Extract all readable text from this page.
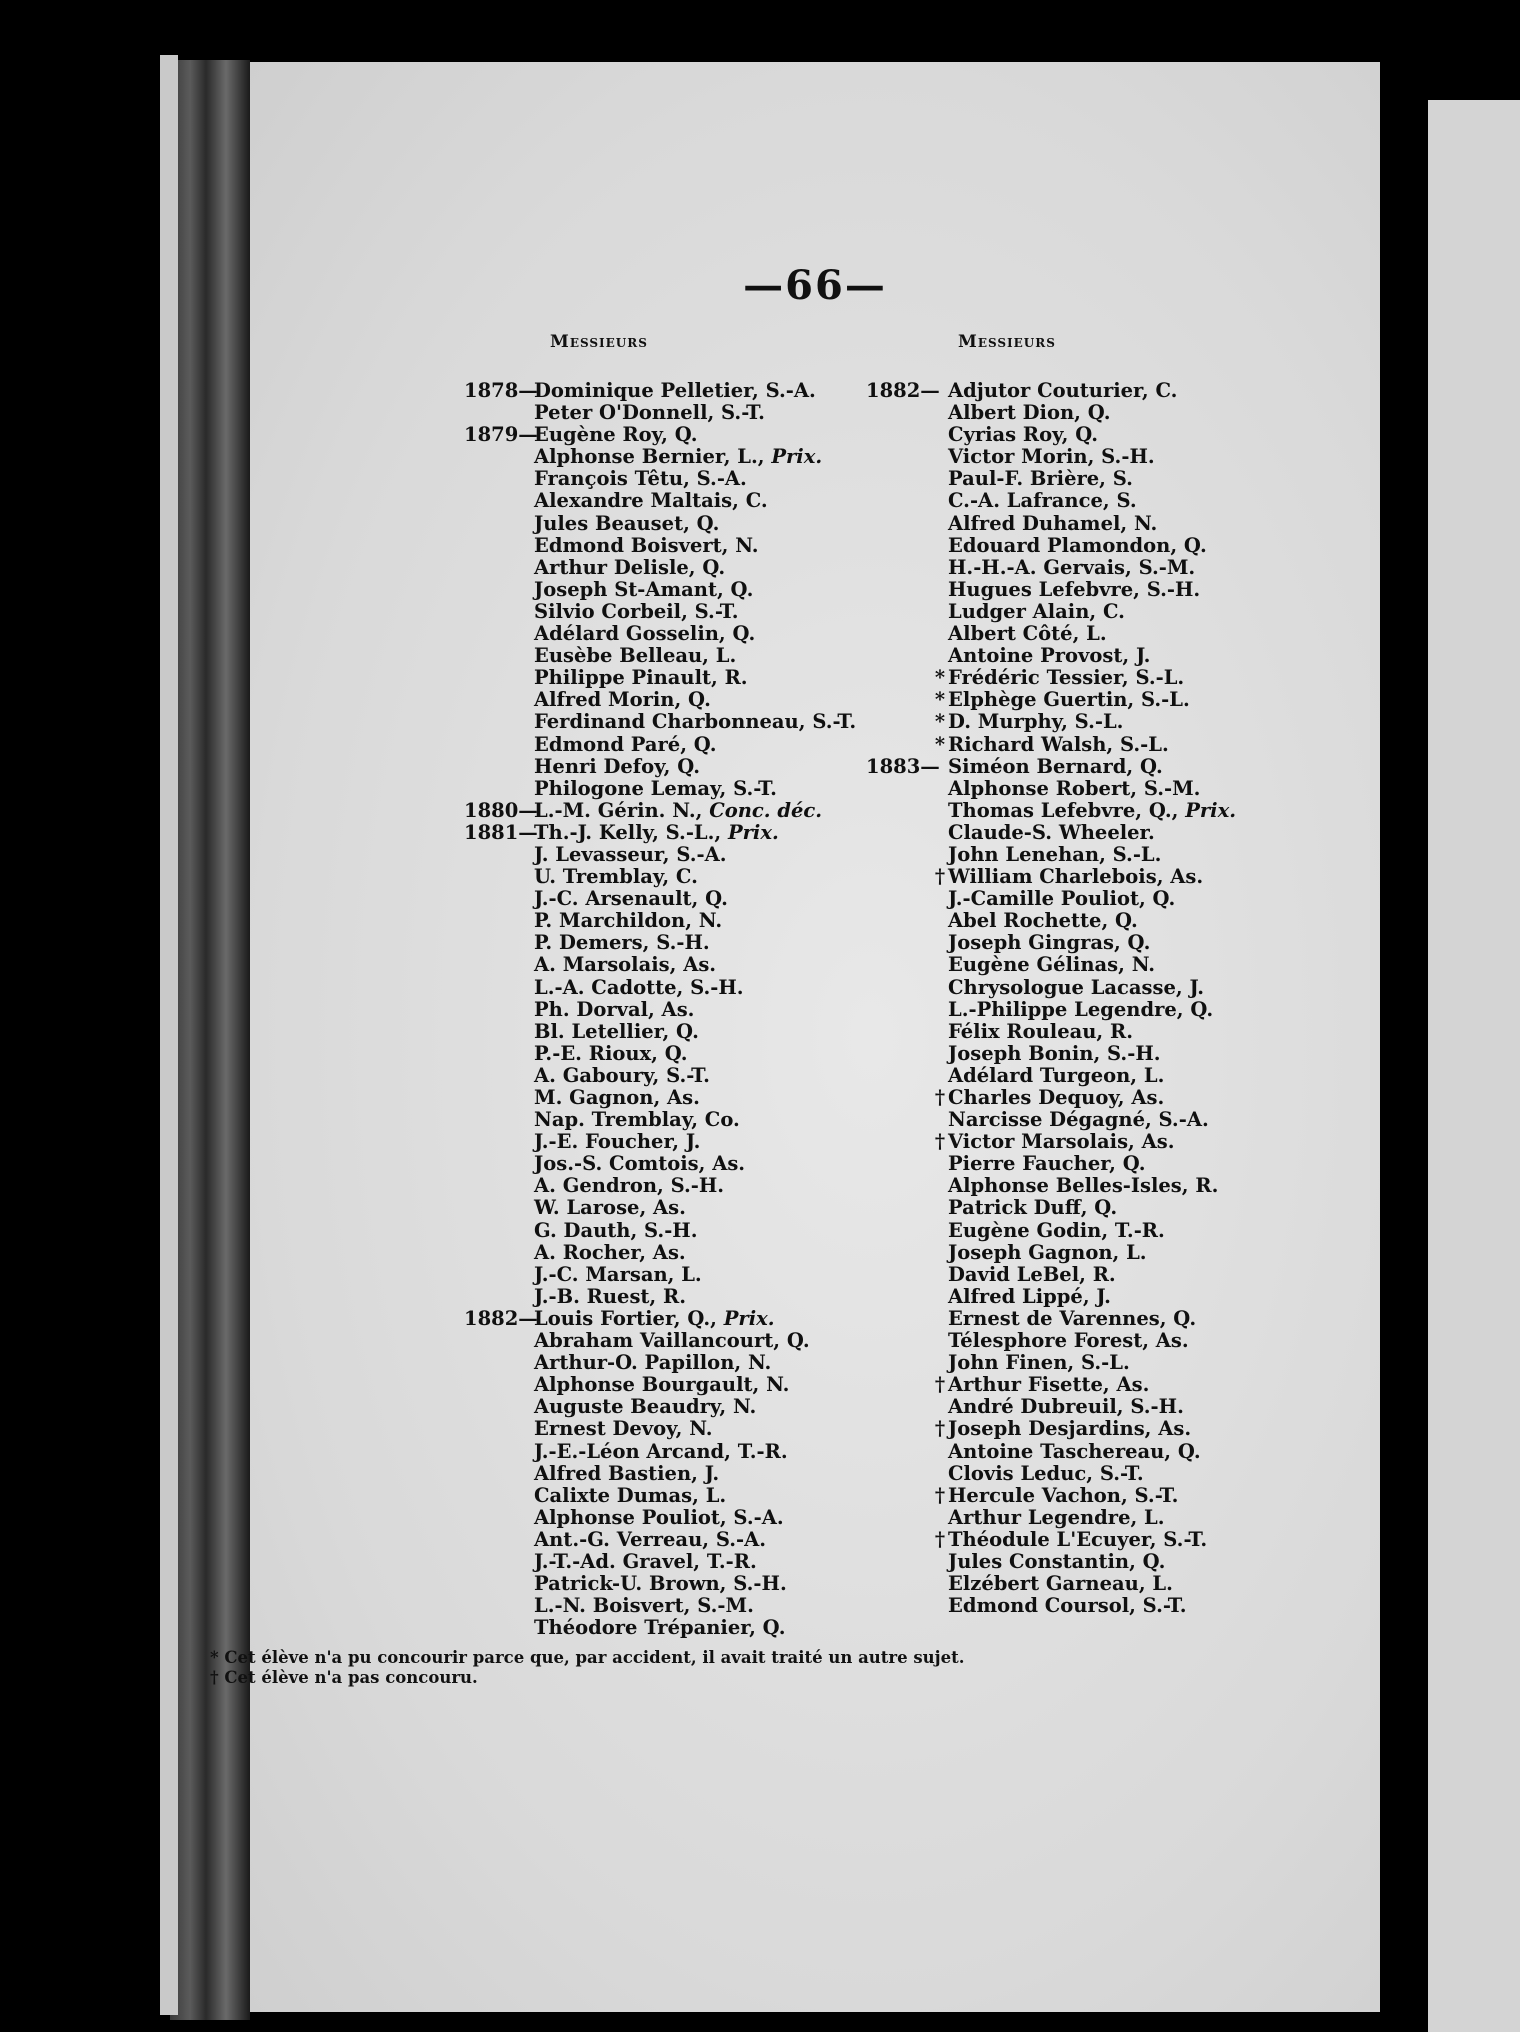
—66—
Messieurs	Messieurs
1878—
Dominique Pelletier, S.-A.
Peter O'Donnell, S.-T.
1879—
Eugène Roy, Q.
Alphonse Bernier, L., Prix.
François Têtu, S.-A.
Alexandre Maltais, C.
Jules Beauset, Q.
Edmond Boisvert, N.
Arthur Delisle, Q.
Joseph St-Amant, Q.
Silvio Corbeil, S.-T.
Adélard Gosselin, Q.
Eusèbe Belleau, L.
Philippe Pinault, R.
Alfred Morin, Q.
Ferdinand Charbonneau, S.-T.
Edmond Paré, Q.
Henri Defoy, Q.
Philogone Lemay, S.-T.
1880—
L.-M. Gérin. N., Conc. déc.
1881—
Th.-J. Kelly, S.-L., Prix.
J. Levasseur, S.-A.
U. Tremblay, C.
J.-C. Arsenault, Q.
P. Marchildon, N.
P. Demers, S.-H.
A. Marsolais, As.
L.-A. Cadotte, S.-H.
Ph. Dorval, As.
Bl. Letellier, Q.
P.-E. Rioux, Q.
A. Gaboury, S.-T.
M. Gagnon, As.
Nap. Tremblay, Co.
J.-E. Foucher, J.
Jos.-S. Comtois, As.
A. Gendron, S.-H.
W. Larose, As.
G. Dauth, S.-H.
A. Rocher, As.
J.-C. Marsan, L.
J.-B. Ruest, R.
1882—
Louis Fortier, Q., Prix.
Abraham Vaillancourt, Q.
Arthur-O. Papillon, N.
Alphonse Bourgault, N.
Auguste Beaudry, N.
Ernest Devoy, N.
J.-E.-Léon Arcand, T.-R.
Alfred Bastien, J.
Calixte Dumas, L.
Alphonse Pouliot, S.-A.
Ant.-G. Verreau, S.-A.
J.-T.-Ad. Gravel, T.-R.
Patrick-U. Brown, S.-H.
L.-N. Boisvert, S.-M.
Théodore Trépanier, Q.
1882— Adjutor Couturier, C.
Albert Dion, Q.
Cyrias Roy, Q.
Victor Morin, S.-H.
Paul-F. Brière, S.
C.-A. Lafrance, S.
Alfred Duhamel, N.
Edouard Plamondon, Q.
H.-H.-A. Gervais, S.-M.
Hugues Lefebvre, S.-H.
Ludger Alain, C.
Albert Côté, L.
Antoine Provost, J.
* Frédéric Tessier, S.-L.
* Elphège Guertin, S.-L.
* D. Murphy, S.-L.
* Richard Walsh, S.-L.
1883— Siméon Bernard, Q.
Alphonse Robert, S.-M.
Thomas Lefebvre, Q., Prix.
Claude-S. Wheeler.
John Lenehan, S.-L.
† William Charlebois, As.
J.-Camille Pouliot, Q.
Abel Rochette, Q.
Joseph Gingras, Q.
Eugène Gélinas, N.
Chrysologue Lacasse, J.
L.-Philippe Legendre, Q.
Félix Rouleau, R.
Joseph Bonin, S.-H.
Adélard Turgeon, L.
† Charles Dequoy, As.
Narcisse Dégagné, S.-A.
† Victor Marsolais, As.
Pierre Faucher, Q.
Alphonse Belles-Isles, R.
Patrick Duff, Q.
Eugène Godin, T.-R.
Joseph Gagnon, L.
David LeBel, R.
Alfred Lippé, J.
Ernest de Varennes, Q.
Télesphore Forest, As.
John Finen, S.-L.
† Arthur Fisette, As.
André Dubreuil, S.-H.
† Joseph Desjardins, As.
Antoine Taschereau, Q.
Clovis Leduc, S.-T.
† Hercule Vachon, S.-T.
Arthur Legendre, L.
† Théodule L'Ecuyer, S.-T.
Jules Constantin, Q.
Elzébert Garneau, L.
Edmond Coursol, S.-T.
* Cet élève n'a pu concourir parce que, par accident, il avait traité un autre sujet.
† Cet élève n'a pas concouru.
